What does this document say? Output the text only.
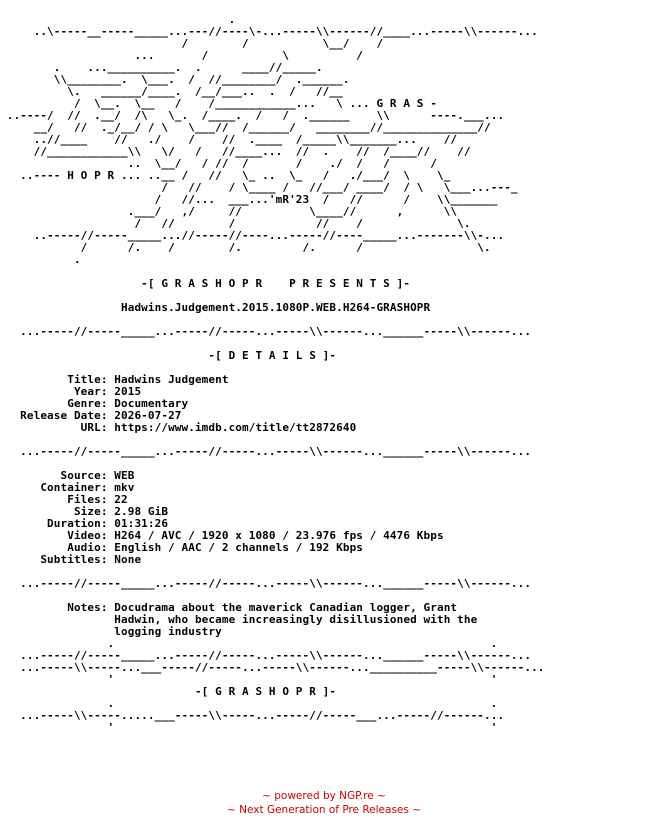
.
..\-----__-----_____...---//----\-...-----\\------//____...-----\\------...
/        /           \__/    /
...       /           \          /
.    ...__________.  .      ____//_____.
\\________.  \___.  /  //________/  .______.
\.   ______/____.  /__/___..  .  /   //__
/  \__.  \__   /    /____________...   \ ... G R A S -
..----/  //  .__/  /\   \_.  /____.  /   /  .______    \\      ----.___...
__/   //  ._/__/ / \   \___//  /______/   ________//______________//
..//____    //   ./    /    //  .____  /_____\\_______...    //
//____________\\   \/   /   //____...  //  .    //  /____//    //
..  \__/   / //  /       /    ./  /   /      /
..---- H O P R ... ..__ /   //   \_ ..  \_   /   ./___/  \    \_
/   //    / \____ /   //___/ ____/  / \   \___...---_
/   //...  ___...'mR'23  /   //      /    \\_______
.___/   ,/     //          \____//      ,      \\
/   //        /            //    /              \.
..-----//-----_____...//-----//----...-----//----_____...-------\\-...
/      /.    /        /.         /.      /                 \.
.
-[ G R A S H O P R    P R E S E N T S ]-
Hadwins.Judgement.2015.1080P.WEB.H264-GRASHOPR
...-----//-----_____...-----//-----...-----\\------...______-----\\------...
-[ D E T A I L S ]-
Title: Hadwins Judgement
Year: 2015
Genre: Documentary
Release Date: 2026-07-27
URL: https://www.imdb.com/title/tt2872640
...-----//-----_____...-----//-----...-----\\------...______-----\\------...
Source: WEB
Container: mkv
Files: 22
Size: 2.98 GiB
Duration: 01:31:26
Video: H264 / AVC / 1920 x 1080 / 23.976 fps / 4476 Kbps
Audio: English / AAC / 2 channels / 192 Kbps
Subtitles: None
...-----//-----_____...-----//-----...-----\\------...______-----\\------...
Notes: Docudrama about the maverick Canadian logger, Grant
Hadwin, who became increasingly disillusioned with the
logging industry
.                                                        .
...-----//-----_____...-----//-----...-----\\------...______-----\\------...
...-----\\-----...___-----//-----...-----\\------...__________-----\\------...
'                                                        '
-[ G R A S H O P R ]-
.                                                        .
...-----\\-----.....___-----\\-----...-----//-----___...-----//------...
'                                                        '
~ powered by NGP.re ~
~ Next Generation of Pre Releases ~
